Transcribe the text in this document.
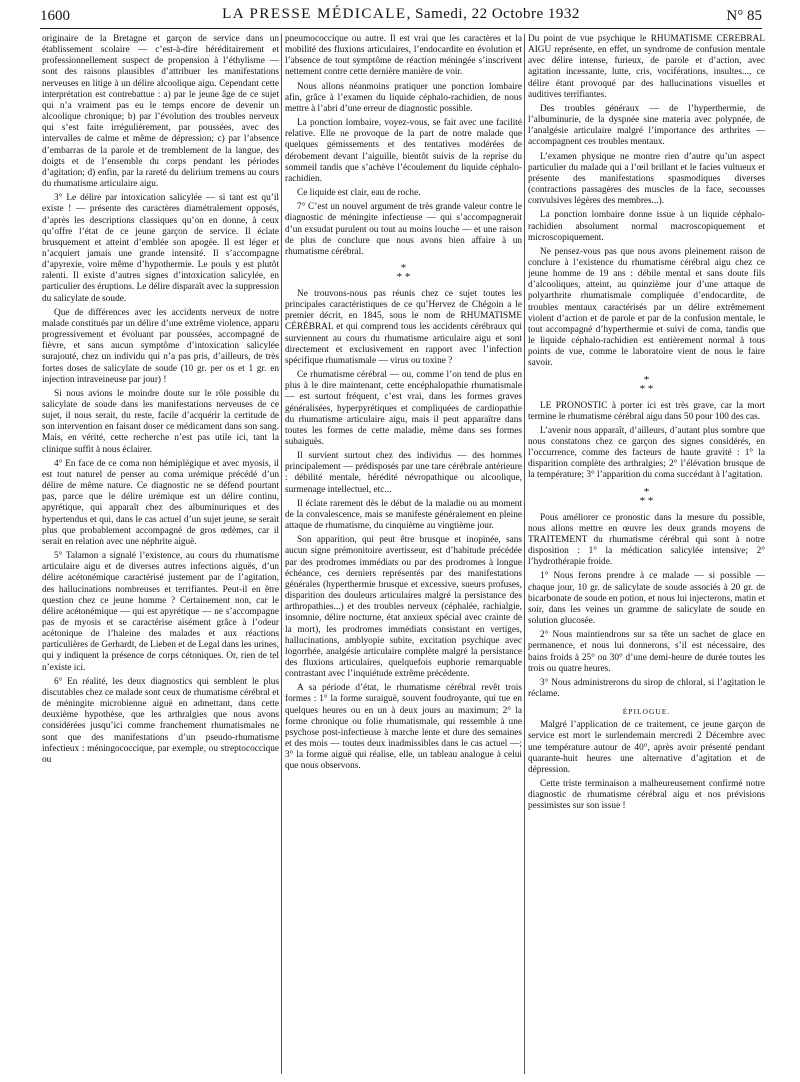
1600	LA PRESSE MÉDICALE, Samedi, 22 Octobre 1932	N° 85

originaire de la Bretagne et garçon de service dans un établissement scolaire — c’est-à-dire héréditairement et professionnellement suspect de propension à l’éthylisme — sont des raisons plausibles d’attribuer les manifestations nerveuses en litige à un délire alcoolique aigu. Cependant cette interprétation est contrebattue : a) par le jeune âge de ce sujet qui n’a vraiment pas eu le temps encore de devenir un alcoolique chronique; b) par l’évolution des troubles nerveux qui s’est faite irrégulièrement, par poussées, avec des intervalles de calme et même de dépression; c) par l’absence d’embarras de la parole et de tremblement de la langue, des doigts et de l’ensemble du corps pendant les périodes d’agitation; d) enfin, par la rareté du delirium tremens au cours du rhumatisme articulaire aigu.

3° Le délire par intoxication salicylée — si tant est qu’il existe ! — présente des caractères diamétralement opposés, d’après les descriptions classiques qu’on en donne, à ceux qu’offre l’état de ce jeune garçon de service. Il éclate brusquement et atteint d’emblée son apogée. Il est léger et n’acquiert jamais une grande intensité. Il s’accompagne d’apyrexie, voire même d’hypothermie. Le pouls y est plutôt ralenti. Il existe d’autres signes d’intoxication salicylée, en particulier des éruptions. Le délire disparaît avec la suppression du salicylate de soude.

Que de différences avec les accidents nerveux de notre malade constitués par un délire d’une extrême violence, apparu progressivement et évoluant par poussées, accompagné de fièvre, et sans aucun symptôme d’intoxication salicylée surajouté, chez un individu qui n’a pas pris, d’ailleurs, de très fortes doses de salicylate de soude (10 gr. per os et 1 gr. en injection intraveineuse par jour) !

Si nous avions le moindre doute sur le rôle possible du salicylate de soude dans les manifestations nerveuses de ce sujet, il nous serait, du reste, facile d’acquérir la certitude de son intervention en faisant doser ce médicament dans son sang. Mais, en vérité, cette recherche n’est pas utile ici, tant la clinique suffit à nous éclairer.

4° En face de ce coma non hémiplégique et avec myosis, il est tout naturel de penser au coma urémique précédé d’un délire de même nature. Ce diagnostic ne se défend pourtant pas, parce que le délire urémique est un délire continu, apyrétique, qui apparaît chez des albuminuriques et des hypertendus et qui, dans le cas actuel d’un sujet jeune, se serait plus que probablement accompagné de gros œdèmes, car il serait en relation avec une néphrite aiguë.

5° Talamon a signalé l’existence, au cours du rhumatisme articulaire aigu et de diverses autres infections aiguës, d’un délire acétonémique caractérisé justement par de l’agitation, des hallucinations nombreuses et terrifiantes. Peut-il en être question chez ce jeune homme ? Certainement non, car le délire acétonémique — qui est apyrétique — ne s’accompagne pas de myosis et se caractérise aisément grâce à l’odeur acétonique de l’haleine des malades et aux réactions particulières de Gerhardt, de Lieben et de Legal dans les urines, qui y indiquent la présence de corps cétoniques. Or, rien de tel n’existe ici.

6° En réalité, les deux diagnostics qui semblent le plus discutables chez ce malade sont ceux de rhumatisme cérébral et de méningite microbienne aiguë en admettant, dans cette deuxième hypothèse, que les arthralgies que nous avons considérées jusqu’ici comme franchement rhumatismales ne sont que des manifestations d’un pseudo-rhumatisme infectieux : méningococcique, par exemple, ou streptococcique ou

pneumococcique ou autre. Il est vrai que les caractères et la mobilité des fluxions articulaires, l’endocardite en évolution et l’absence de tout symptôme de réaction méningée s’inscrivent nettement contre cette dernière manière de voir.

Nous allons néanmoins pratiquer une ponction lombaire afin, grâce à l’examen du liquide céphalo-rachidien, de nous mettre à l’abri d’une erreur de diagnostic possible.

La ponction lombaire, voyez-vous, se fait avec une facilité relative. Elle ne provoque de la part de notre malade que quelques gémissements et des tentatives modérées de dérobement devant l’aiguille, bientôt suivis de la reprise du sommeil tandis que s’achève l’écoulement du liquide céphalo-rachidien.

Ce liquide est clair, eau de roche.

7° C’est un nouvel argument de très grande valeur contre le diagnostic de méningite infectieuse — qui s’accompagnerait d’un exsudat purulent ou tout au moins louche — et une raison de plus de conclure que nous avons bien affaire à un rhumatisme cérébral.

*
* *

Ne trouvons-nous pas réunis chez ce sujet toutes les principales caractéristiques de ce qu’Hervez de Chégoin a le premier décrit, en 1845, sous le nom de RHUMATISME CÉRÉBRAL et qui comprend tous les accidents cérébraux qui surviennent au cours du rhumatisme articulaire aigu et sont directement et exclusivement en rapport avec l’infection spécifique rhumatismale — virus ou toxine ?

Ce rhumatisme cérébral — ou, comme l’on tend de plus en plus à le dire maintenant, cette encéphalopathie rhumatismale — est surtout fréquent, c’est vrai, dans les formes graves généralisées, hyperpyrétiques et compliquées de cardiopathie du rhumatisme articulaire aigu, mais il peut apparaître dans toutes les formes de cette maladie, même dans ses formes subaiguës.

Il survient surtout chez des individus — des hommes principalement — prédisposés par une tare cérébrale antérieure : débilité mentale, hérédité névropathique ou alcoolique, surmenage intellectuel, etc...

Il éclate rarement dès le début de la maladie ou au moment de la convalescence, mais se manifeste généralement en pleine attaque de rhumatisme, du cinquième au vingtième jour.

Son apparition, qui peut être brusque et inopinée, sans aucun signe prémonitoire avertisseur, est d’habitude précédée par des prodromes immédiats ou par des prodromes à longue échéance, ces derniers représentés par des manifestations générales (hyperthermie brusque et excessive, sueurs profuses, disparition des douleurs articulaires malgré la persistance des arthropathies...) et des troubles nerveux (céphalée, rachialgie, insomnie, délire nocturne, état anxieux spécial avec crainte de la mort), les prodromes immédiats consistant en vertiges, hallucinations, amblyopie subite, excitation psychique avec logorrhée, analgésie articulaire complète malgré la persistance des fluxions articulaires, quelquefois euphorie remarquable contrastant avec l’inquiétude extrême précédente.

A sa période d’état, le rhumatisme cérébral revêt trois formes : 1° la forme suraiguë, souvent foudroyante, qui tue en quelques heures ou en un à deux jours au maximum; 2° la forme chronique ou folie rhumatismale, qui ressemble à une psychose post-infectieuse à marche lente et dure des semaines et des mois — toutes deux inadmissibles dans le cas actuel —; 3° la forme aiguë qui réalise, elle, un tableau analogue à celui que nous observons.

Du point de vue psychique le RHUMATISME CÉRÉBRAL AIGU représente, en effet, un syndrome de confusion mentale avec délire intense, furieux, de parole et d’action, avec agitation incessante, lutte, cris, vociférations, insultes..., ce délire étant provoqué par des hallucinations visuelles et auditives terrifiantes.

Des troubles généraux — de l’hyperthermie, de l’albuminurie, de la dyspnée sine materia avec polypnée, de l’analgésie articulaire malgré l’importance des arthrites — accompagnent ces troubles mentaux.

L’examen physique ne montre rien d’autre qu’un aspect particulier du malade qui a l’œil brillant et le facies vultueux et présente des manifestations spasmodiques diverses (contractions passagères des muscles de la face, secousses convulsives légères des membres...).

La ponction lombaire donne issue à un liquide céphalo-rachidien absolument normal macroscopiquement et microscopiquement.

Ne pensez-vous pas que nous avons pleinement raison de conclure à l’existence du rhumatisme cérébral aigu chez ce jeune homme de 19 ans : débile mental et sans doute fils d’alcooliques, atteint, au quinzième jour d’une attaque de polyarthrite rhumatismale compliquée d’endocardite, de troubles mentaux caractérisés par un délire extrêmement violent d’action et de parole et par de la confusion mentale, le tout accompagné d’hyperthermie et suivi de coma, tandis que le liquide céphalo-rachidien est entièrement normal à tous points de vue, comme le laboratoire vient de nous le faire savoir.

*
* *

LE PRONOSTIC à porter ici est très grave, car la mort termine le rhumatisme cérébral aigu dans 50 pour 100 des cas.

L’avenir nous apparaît, d’ailleurs, d’autant plus sombre que nous constatons chez ce garçon des signes considérés, en l’occurrence, comme des facteurs de haute gravité : 1° la disparition complète des arthralgies; 2° l’élévation brusque de la température; 3° l’apparition du coma succédant à l’agitation.

*
* *

Pous améliorer ce pronostic dans la mesure du possible, nous allons mettre en œuvre les deux grands moyens de TRAITEMENT du rhumatisme cérébral qui sont à notre disposition : 1° la médication salicylée intensive; 2° l’hydrothérapie froide.

1° Nous ferons prendre à ce malade — si possible — chaque jour, 10 gr. de salicylate de soude associés à 20 gr. de bicarbonate de soude en potion, et nous lui injecterons, matin et soir, dans les veines un gramme de salicylate de soude en solution glucosée.

2° Nous maintiendrons sur sa tête un sachet de glace en permanence, et nous lui donnerons, s’il est nécessaire, des bains froids à 25° ou 30° d’une demi-heure de durée toutes les trois ou quatre heures.

3° Nous administrerons du sirop de chloral, si l’agitation le réclame.

ÉPILOGUE.

Malgré l’application de ce traitement, ce jeune garçon de service est mort le surlendemain mercredi 2 Décembre avec une température autour de 40°, après avoir présenté pendant quarante-huit heures une alternative d’agitation et de dépression.

Cette triste terminaison a malheureusement confirmé notre diagnostic de rhumatisme cérébral aigu et nos prévisions pessimistes sur son issue !
